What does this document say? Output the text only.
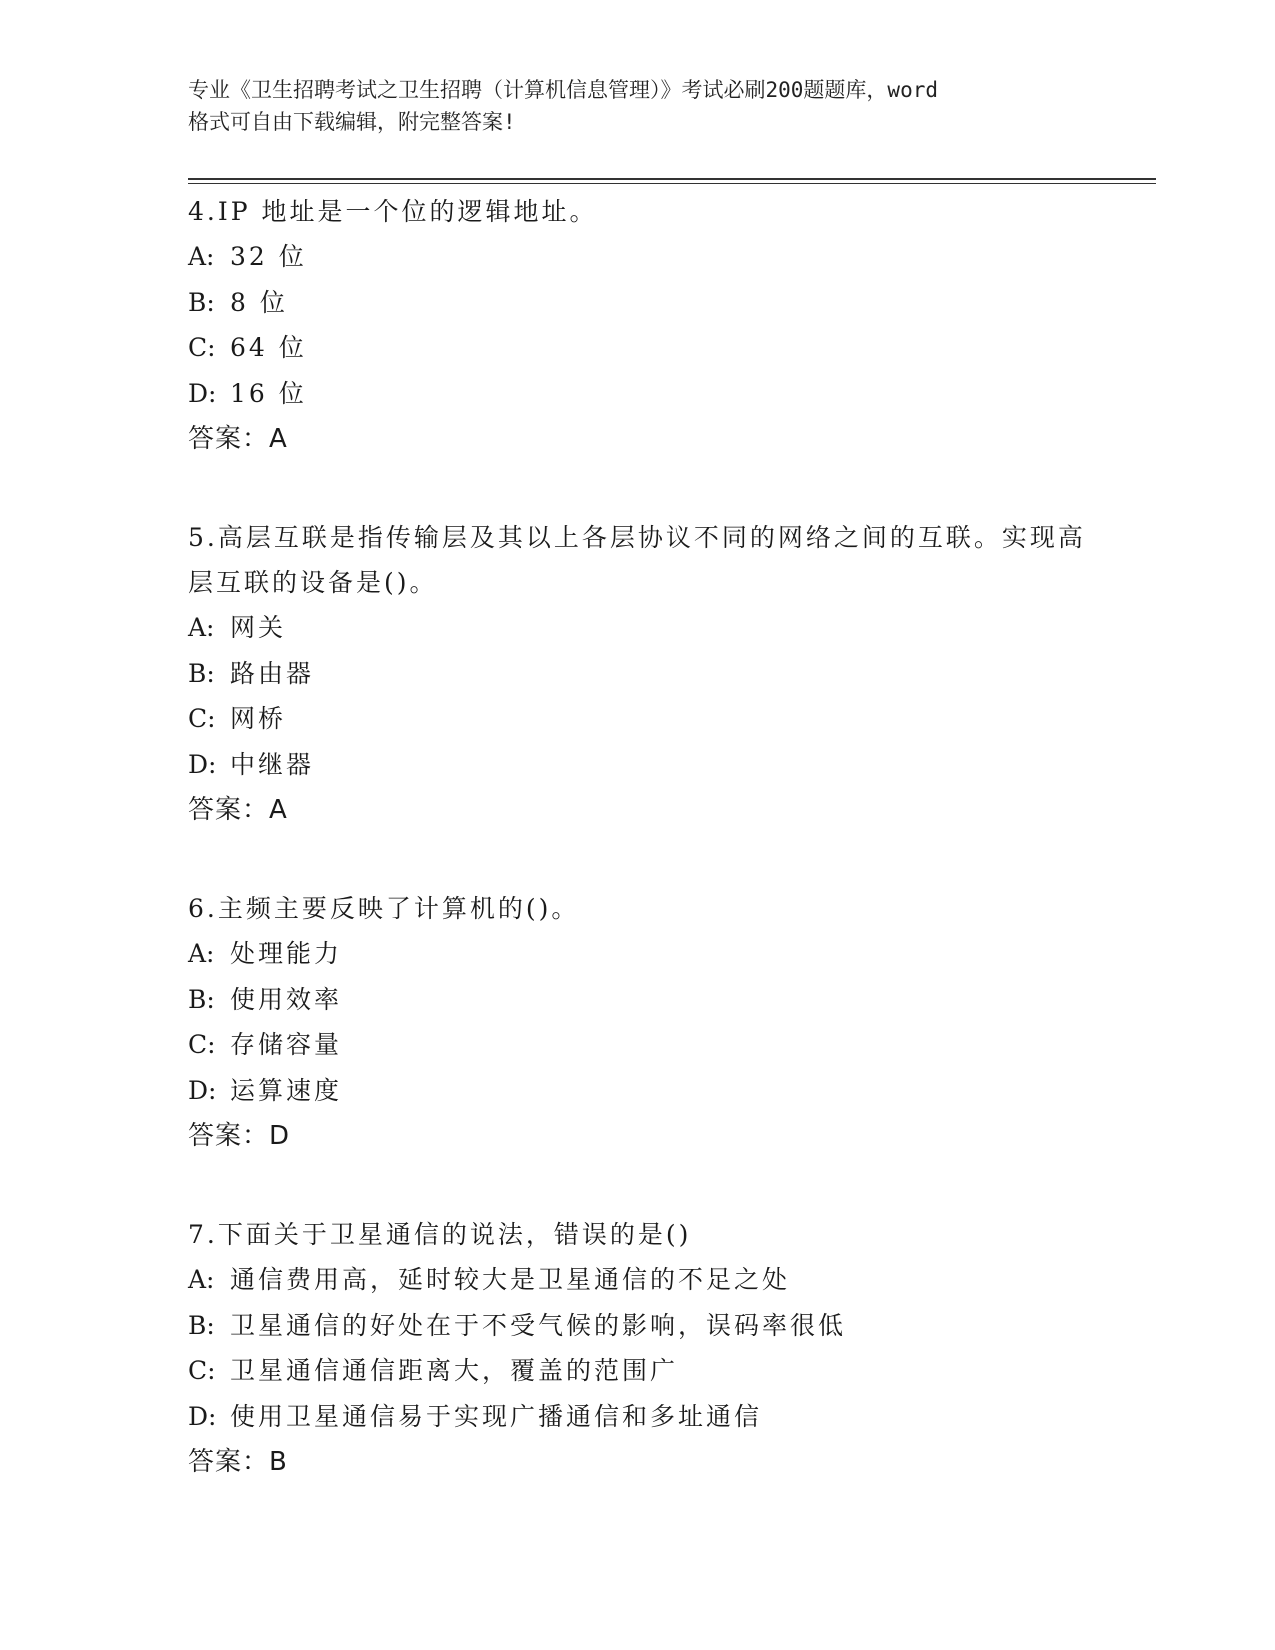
专业《卫生招聘考试之卫生招聘（计算机信息管理）》考试必刷200题题库，word
格式可自由下载编辑，附完整答案!

4.IP 地址是一个位的逻辑地址。

A: 32 位

B: 8 位

C: 64 位

D: 16 位

答案：A

5.高层互联是指传输层及其以上各层协议不同的网络之间的互联。实现高层互联的设备是()。

A: 网关

B: 路由器

C: 网桥

D: 中继器

答案：A

6.主频主要反映了计算机的()。

A: 处理能力

B: 使用效率

C: 存储容量

D: 运算速度

答案：D

7.下面关于卫星通信的说法，错误的是()

A: 通信费用高，延时较大是卫星通信的不足之处

B: 卫星通信的好处在于不受气候的影响，误码率很低

C: 卫星通信通信距离大，覆盖的范围广

D: 使用卫星通信易于实现广播通信和多址通信

答案：B
